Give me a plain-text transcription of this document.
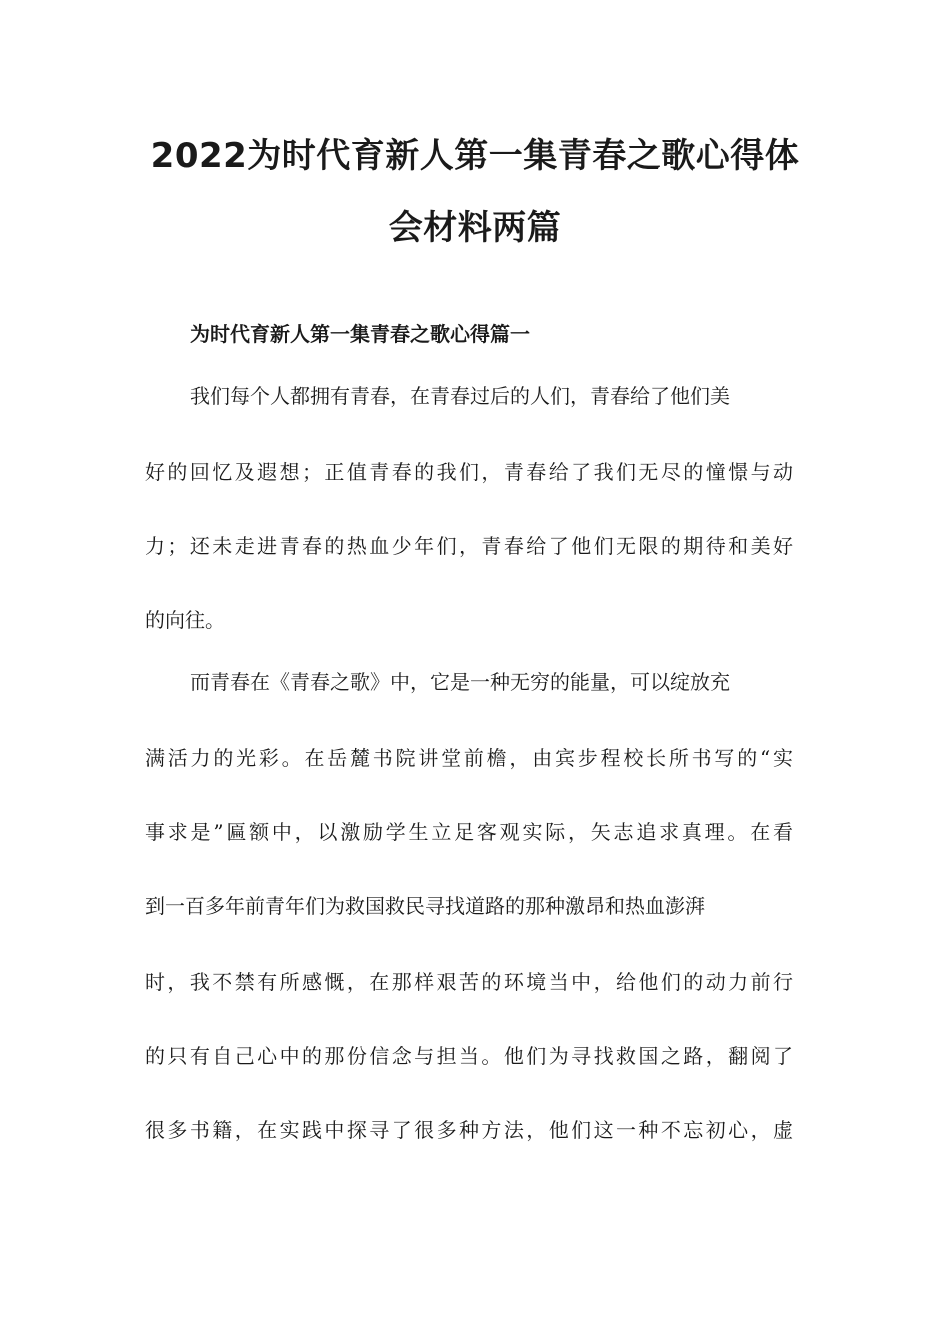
2022为时代育新人第一集青春之歌心得体
会材料两篇
为时代育新人第一集青春之歌心得篇一
我们每个人都拥有青春，在青春过后的人们，青春给了他们美
好的回忆及遐想；正值青春的我们，青春给了我们无尽的憧憬与动
力；还未走进青春的热血少年们，青春给了他们无限的期待和美好
的向往。
而青春在《青春之歌》中，它是一种无穷的能量，可以绽放充
满活力的光彩。在岳麓书院讲堂前檐，由宾步程校长所书写的“实
事求是”匾额中，以激励学生立足客观实际，矢志追求真理。在看
到一百多年前青年们为救国救民寻找道路的那种激昂和热血澎湃
时，我不禁有所感慨，在那样艰苦的环境当中，给他们的动力前行
的只有自己心中的那份信念与担当。他们为寻找救国之路，翻阅了
很多书籍，在实践中探寻了很多种方法，他们这一种不忘初心，虚
